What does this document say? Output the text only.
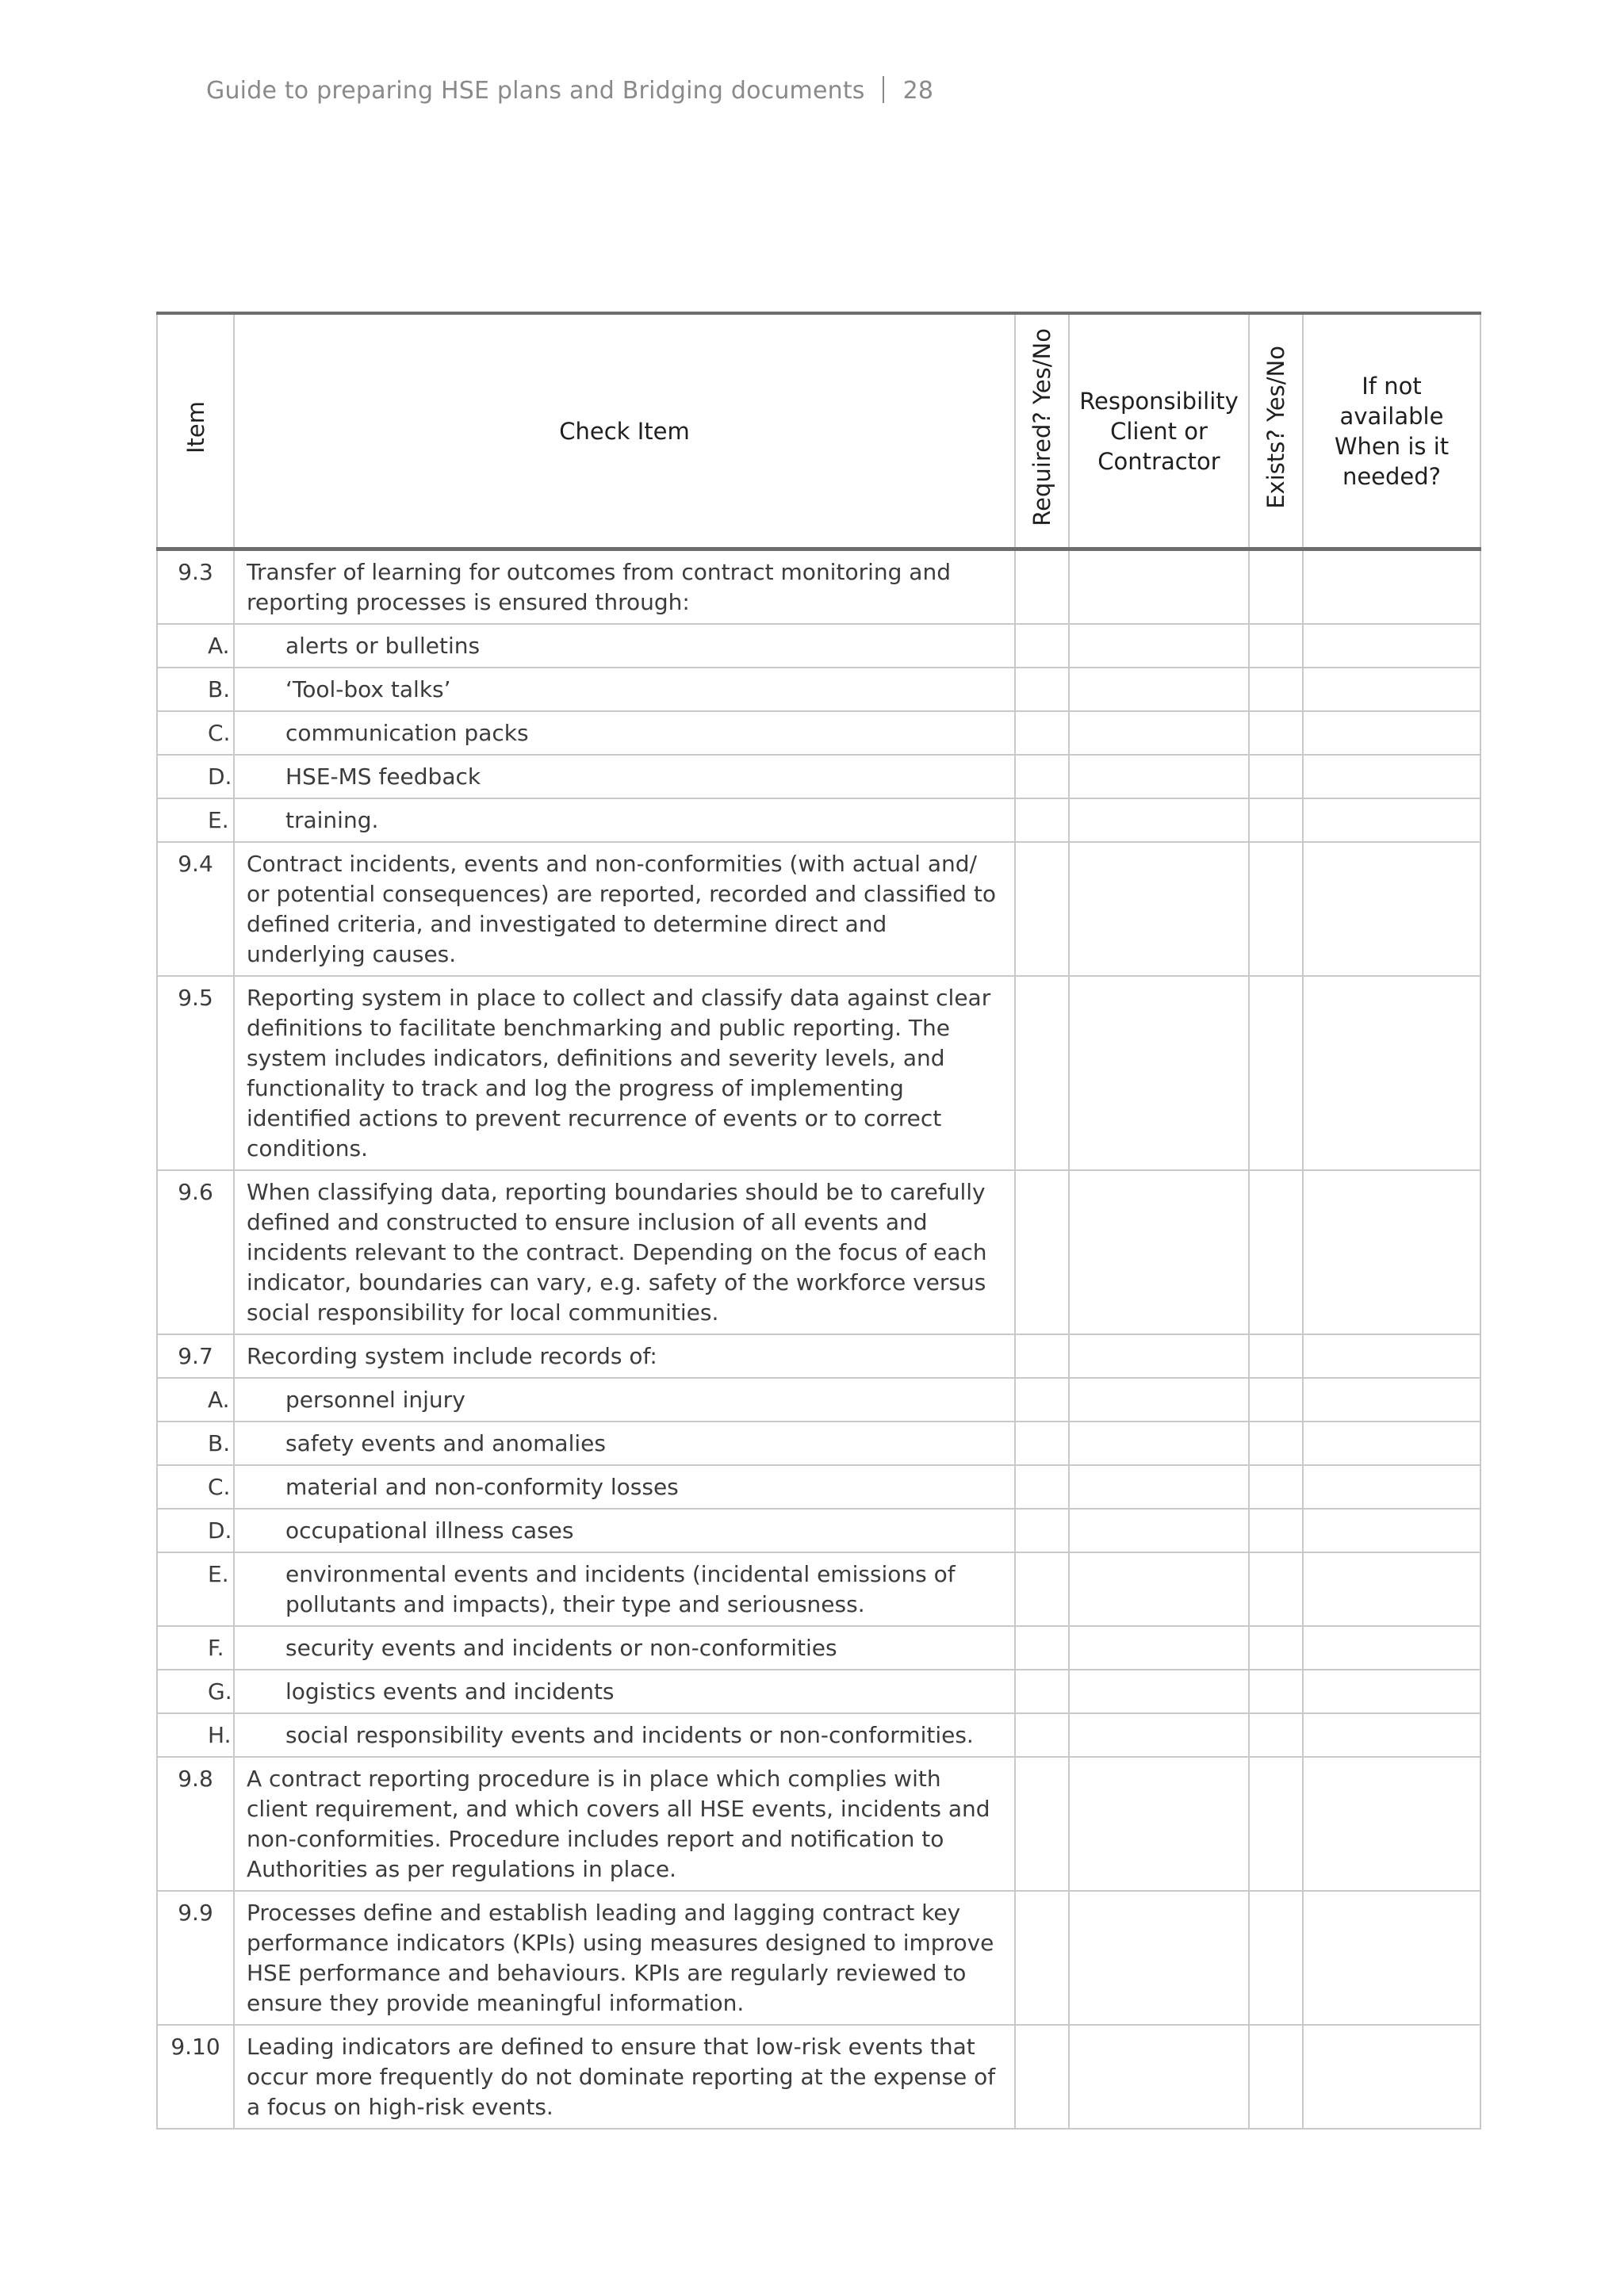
Guide to preparing HSE plans and Bridging documents 28
Item	Check Item	Required? Yes/No	Responsibility
Client or
Contractor	Exists? Yes/No	If not
available
When is it
needed?
9.3	Transfer of learning for outcomes from contract monitoring and reporting processes is ensured through:				

	A. alerts or bulletins				

	B. ‘Tool-box talks’				

	C. communication packs				

	D. HSE-MS feedback				

	E. training.				

9.4	Contract incidents, events and non-conformities (with actual and/ or potential consequences) are reported, recorded and classified to defined criteria, and investigated to determine direct and underlying causes.				
9.5	Reporting system in place to collect and classify data against clear definitions to facilitate benchmarking and public reporting. The system includes indicators, definitions and severity levels, and functionality to track and log the progress of implementing identified actions to prevent recurrence of events or to correct conditions.				
9.6	When classifying data, reporting boundaries should be to carefully defined and constructed to ensure inclusion of all events and incidents relevant to the contract. Depending on the focus of each indicator, boundaries can vary, e.g. safety of the workforce versus social responsibility for local communities.				
9.7	Recording system include records of:				

	A. personnel injury				

	B. safety events and anomalies				

	C. material and non-conformity losses				

	D. occupational illness cases				

	E. environmental events and incidents (incidental emissions of pollutants and impacts), their type and seriousness.				

	F. security events and incidents or non-conformities				

	G. logistics events and incidents				

	H. social responsibility events and incidents or non-conformities.				

9.8	A contract reporting procedure is in place which complies with client requirement, and which covers all HSE events, incidents and non-conformities. Procedure includes report and notification to Authorities as per regulations in place.				
9.9	Processes define and establish leading and lagging contract key performance indicators (KPIs) using measures designed to improve HSE performance and behaviours. KPIs are regularly reviewed to ensure they provide meaningful information.				
9.10	Leading indicators are defined to ensure that low-risk events that occur more frequently do not dominate reporting at the expense of a focus on high-risk events.				
